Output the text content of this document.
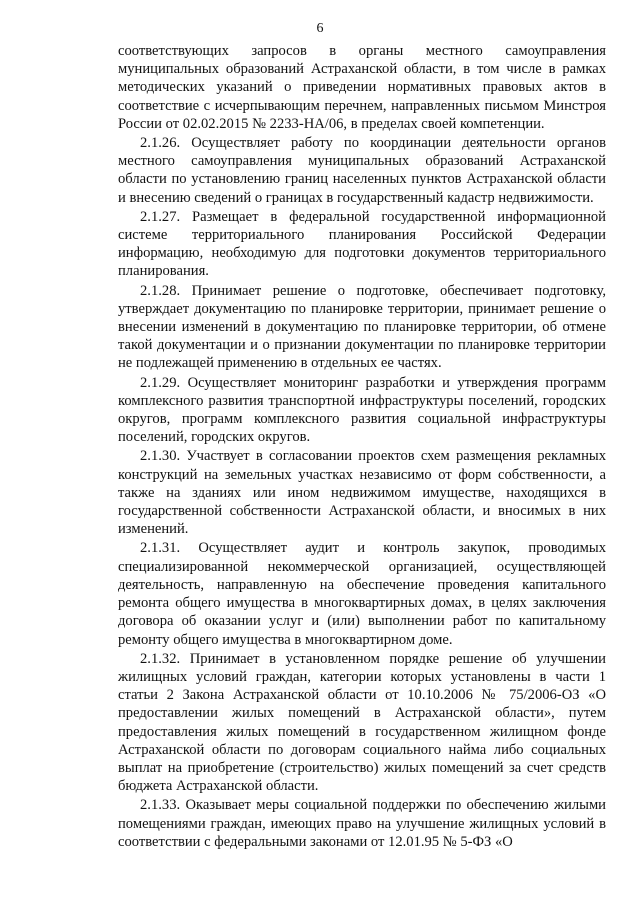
6

соответствующих запросов в органы местного самоуправления муниципальных образований Астраханской области, в том числе в рамках методических указаний о приведении нормативных правовых актов в соответствие с исчерпывающим перечнем, направленных письмом Минстроя России от 02.02.2015 № 2233-НА/06, в пределах своей компетенции.

2.1.26. Осуществляет работу по координации деятельности органов местного самоуправления муниципальных образований Астраханской области по установлению границ населенных пунктов Астраханской области и внесению сведений о границах в государственный кадастр недвижимости.

2.1.27. Размещает в федеральной государственной информационной системе территориального планирования Российской Федерации информацию, необходимую для подготовки документов территориального планирования.

2.1.28. Принимает решение о подготовке, обеспечивает подготовку, утверждает документацию по планировке территории, принимает решение о внесении изменений в документацию по планировке территории, об отмене такой документации и о признании документации по планировке территории не подлежащей применению в отдельных ее частях.

2.1.29. Осуществляет мониторинг разработки и утверждения программ комплексного развития транспортной инфраструктуры поселений, городских округов, программ комплексного развития социальной инфраструктуры поселений, городских округов.

2.1.30. Участвует в согласовании проектов схем размещения рекламных конструкций на земельных участках независимо от форм собственности, а также на зданиях или ином недвижимом имуществе, находящихся в государственной собственности Астраханской области, и вносимых в них изменений.

2.1.31. Осуществляет аудит и контроль закупок, проводимых специализированной некоммерческой организацией, осуществляющей деятельность, направленную на обеспечение проведения капитального ремонта общего имущества в многоквартирных домах, в целях заключения договора об оказании услуг и (или) выполнении работ по капитальному ремонту общего имущества в многоквартирном доме.

2.1.32. Принимает в установленном порядке решение об улучшении жилищных условий граждан, категории которых установлены в части 1 статьи 2 Закона Астраханской области от 10.10.2006 № 75/2006-ОЗ «О предоставлении жилых помещений в Астраханской области», путем предоставления жилых помещений в государственном жилищном фонде Астраханской области по договорам социального найма либо социальных выплат на приобретение (строительство) жилых помещений за счет средств бюджета Астраханской области.

2.1.33. Оказывает меры социальной поддержки по обеспечению жилыми помещениями граждан, имеющих право на улучшение жилищных условий в соответствии с федеральными законами от 12.01.95 № 5-ФЗ «О
